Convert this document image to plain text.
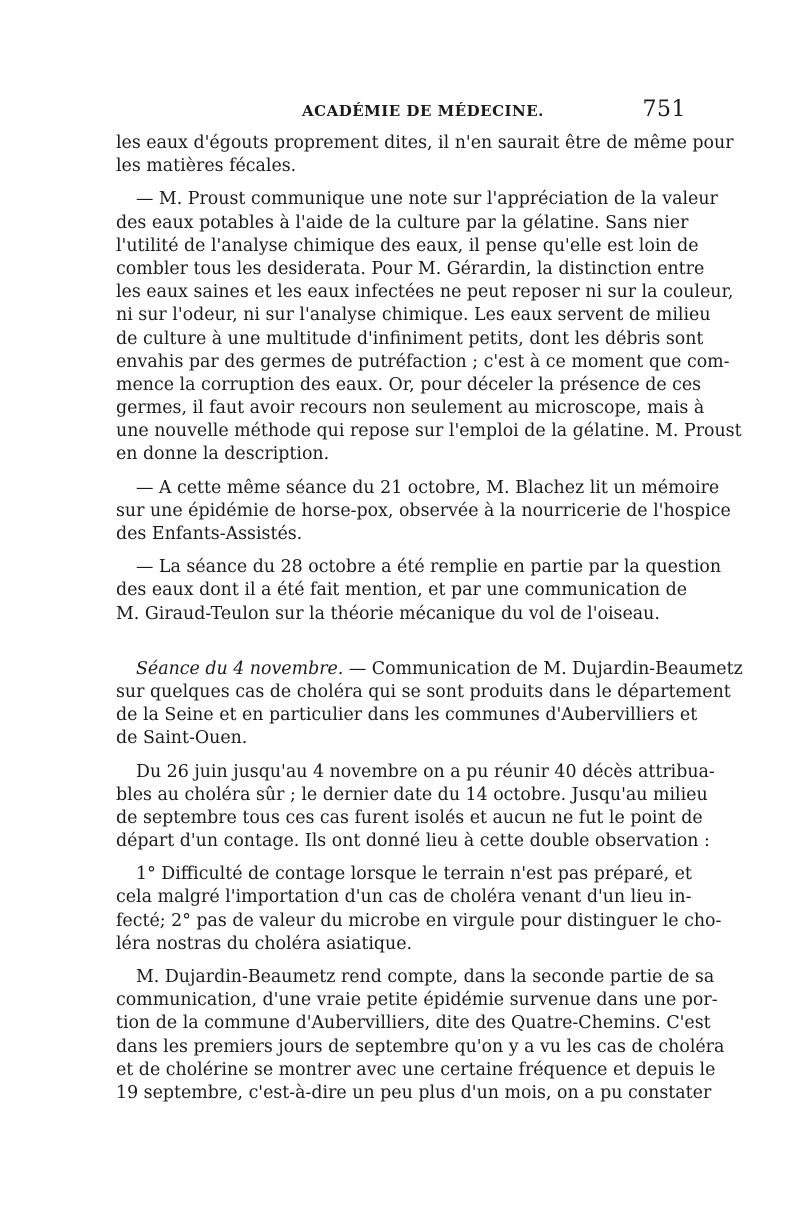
ACADÉMIE DE MÉDECINE.	751
les eaux d'égouts proprement dites, il n'en saurait être de même pour
les matières fécales.
— M. Proust communique une note sur l'appréciation de la valeur
des eaux potables à l'aide de la culture par la gélatine. Sans nier
l'utilité de l'analyse chimique des eaux, il pense qu'elle est loin de
combler tous les desiderata. Pour M. Gérardin, la distinction entre
les eaux saines et les eaux infectées ne peut reposer ni sur la couleur,
ni sur l'odeur, ni sur l'analyse chimique. Les eaux servent de milieu
de culture à une multitude d'infiniment petits, dont les débris sont
envahis par des germes de putréfaction ; c'est à ce moment que com-
mence la corruption des eaux. Or, pour déceler la présence de ces
germes, il faut avoir recours non seulement au microscope, mais à
une nouvelle méthode qui repose sur l'emploi de la gélatine. M. Proust
en donne la description.
— A cette même séance du 21 octobre, M. Blachez lit un mémoire
sur une épidémie de horse-pox, observée à la nourricerie de l'hospice
des Enfants-Assistés.
— La séance du 28 octobre a été remplie en partie par la question
des eaux dont il a été fait mention, et par une communication de
M. Giraud-Teulon sur la théorie mécanique du vol de l'oiseau.
Séance du 4 novembre. — Communication de M. Dujardin-Beaumetz
sur quelques cas de choléra qui se sont produits dans le département
de la Seine et en particulier dans les communes d'Aubervilliers et
de Saint-Ouen.
Du 26 juin jusqu'au 4 novembre on a pu réunir 40 décès attribua-
bles au choléra sûr ; le dernier date du 14 octobre. Jusqu'au milieu
de septembre tous ces cas furent isolés et aucun ne fut le point de
départ d'un contage. Ils ont donné lieu à cette double observation :
1° Difficulté de contage lorsque le terrain n'est pas préparé, et
cela malgré l'importation d'un cas de choléra venant d'un lieu in-
fecté; 2° pas de valeur du microbe en virgule pour distinguer le cho-
léra nostras du choléra asiatique.
M. Dujardin-Beaumetz rend compte, dans la seconde partie de sa
communication, d'une vraie petite épidémie survenue dans une por-
tion de la commune d'Aubervilliers, dite des Quatre-Chemins. C'est
dans les premiers jours de septembre qu'on y a vu les cas de choléra
et de cholérine se montrer avec une certaine fréquence et depuis le
19 septembre, c'est-à-dire un peu plus d'un mois, on a pu constater
